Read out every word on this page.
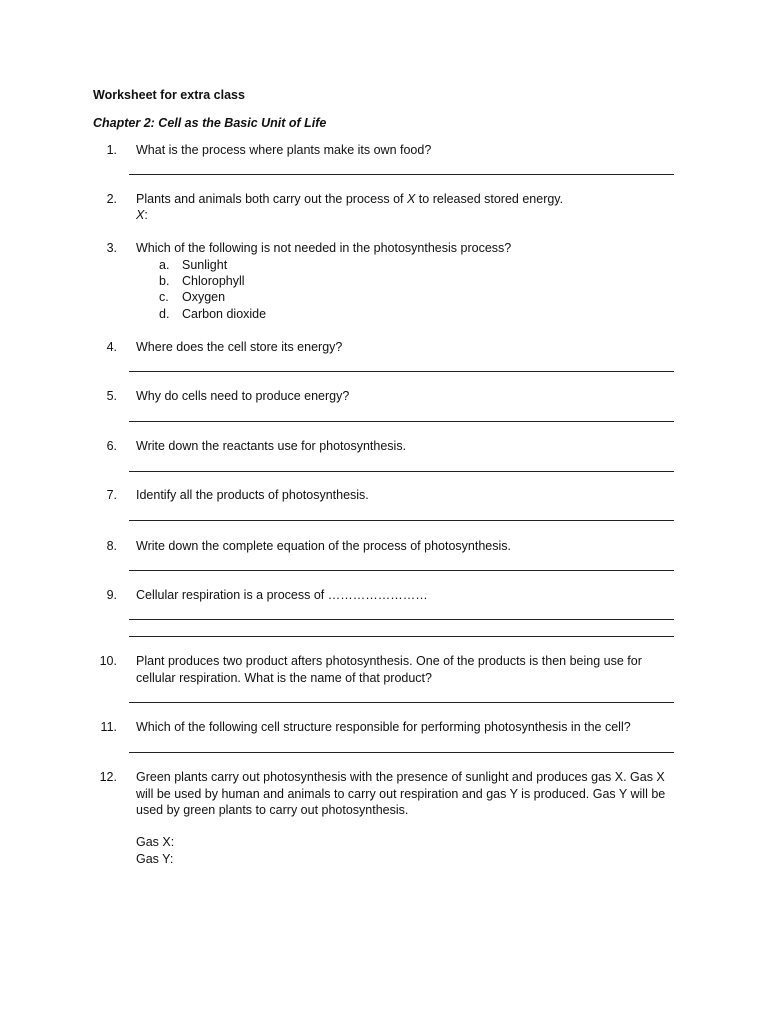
Worksheet for extra class
Chapter 2: Cell as the Basic Unit of Life
1. What is the process where plants make its own food?
2. Plants and animals both carry out the process of X to released stored energy.
X:
3. Which of the following is not needed in the photosynthesis process?
a.	Sunlight
b.	Chlorophyll
c.	Oxygen
d.	Carbon dioxide
4. Where does the cell store its energy?
5. Why do cells need to produce energy?
6. Write down the reactants use for photosynthesis.
7. Identify all the products of photosynthesis.
8. Write down the complete equation of the process of photosynthesis.
9. Cellular respiration is a process of ……………………
10. Plant produces two product afters photosynthesis. One of the products is then being use for cellular respiration. What is the name of that product?
11. Which of the following cell structure responsible for performing photosynthesis in the cell?
12. Green plants carry out photosynthesis with the presence of sunlight and produces gas X. Gas X will be used by human and animals to carry out respiration and gas Y is produced. Gas Y will be used by green plants to carry out photosynthesis.
Gas X:
Gas Y:
